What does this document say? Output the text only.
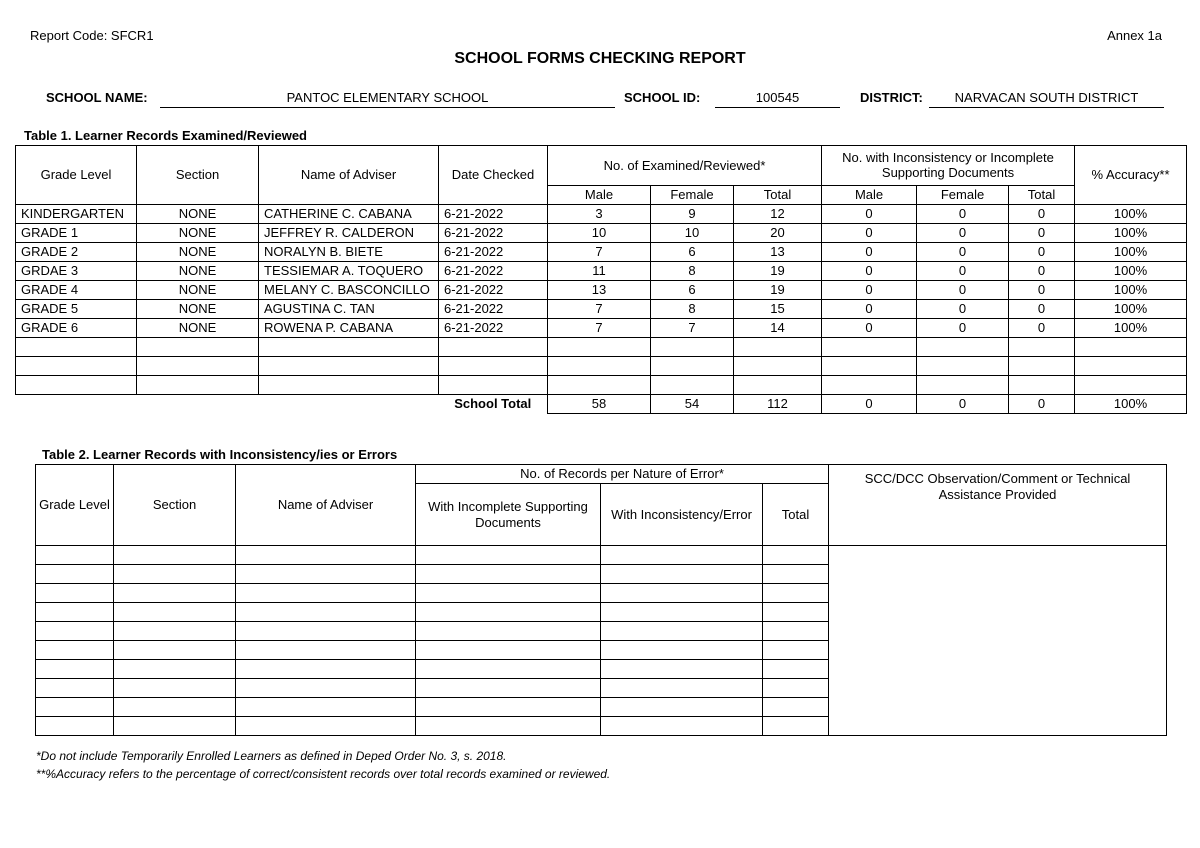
Report Code: SFCR1	Annex 1a
SCHOOL FORMS CHECKING REPORT
SCHOOL NAME:	PANTOC ELEMENTARY SCHOOL	SCHOOL ID:	100545	DISTRICT:	NARVACAN SOUTH DISTRICT
Table 1. Learner Records Examined/Reviewed
Grade Level	Section	Name of Adviser	Date Checked	No. of Examined/Reviewed*			No. with Inconsistency or Incomplete Supporting Documents			% Accuracy**
				Male	Female	Total	Male	Female	Total	
KINDERGARTEN	NONE	CATHERINE C. CABANA	6-21-2022	3	9	12	0	0	0	100%
GRADE 1	NONE	JEFFREY R. CALDERON	6-21-2022	10	10	20	0	0	0	100%
GRADE 2	NONE	NORALYN B. BIETE	6-21-2022	7	6	13	0	0	0	100%
GRDAE 3	NONE	TESSIEMAR A. TOQUERO	6-21-2022	11	8	19	0	0	0	100%
GRADE 4	NONE	MELANY C. BASCONCILLO	6-21-2022	13	6	19	0	0	0	100%
GRADE 5	NONE	AGUSTINA C. TAN	6-21-2022	7	8	15	0	0	0	100%
GRADE 6	NONE	ROWENA P. CABANA	6-21-2022	7	7	14	0	0	0	100%

			School Total	58	54	112	0	0	0	100%
Table 2. Learner Records with Inconsistency/ies or Errors
Grade Level	Section	Name of Adviser	No. of Records per Nature of Error*			SCC/DCC Observation/Comment or Technical Assistance Provided
			With Incomplete Supporting Documents	With Inconsistency/Error	Total	

*Do not include Temporarily Enrolled Learners as defined in Deped Order No. 3, s. 2018.
**%Accuracy refers to the percentage of correct/consistent records over total records examined or reviewed.
